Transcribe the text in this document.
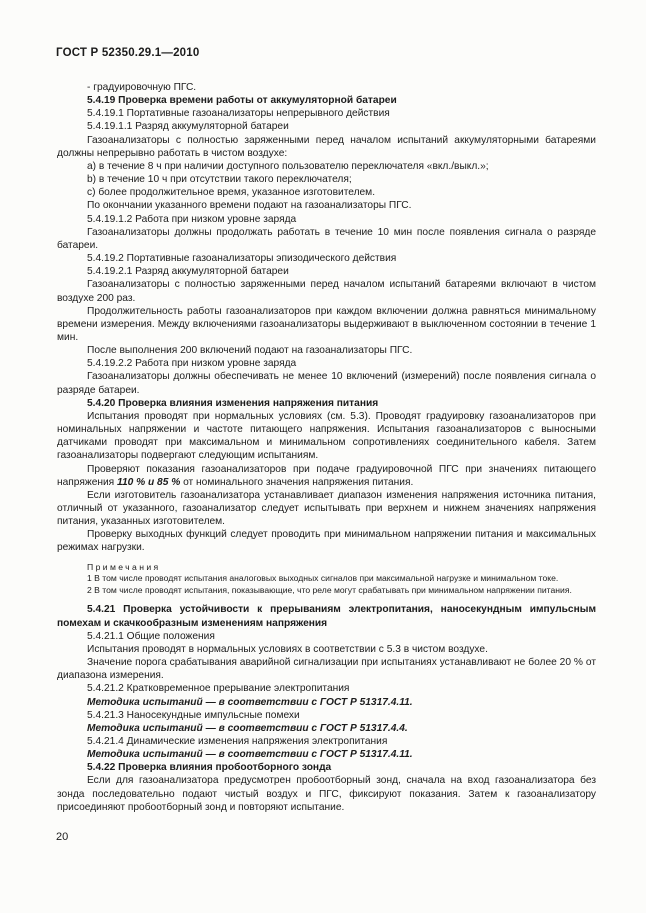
ГОСТ Р 52350.29.1—2010

- градуировочную ПГС.

5.4.19 Проверка времени работы от аккумуляторной батареи

5.4.19.1 Портативные газоанализаторы непрерывного действия

5.4.19.1.1 Разряд аккумуляторной батареи

Газоанализаторы с полностью заряженными перед началом испытаний аккумуляторными батареями должны непрерывно работать в чистом воздухе:

а) в течение 8 ч при наличии доступного пользователю переключателя «вкл./выкл.»;

b) в течение 10 ч при отсутствии такого переключателя;

с) более продолжительное время, указанное изготовителем.

По окончании указанного времени подают на газоанализаторы ПГС.

5.4.19.1.2 Работа при низком уровне заряда

Газоанализаторы должны продолжать работать в течение 10 мин после появления сигнала о разряде батареи.

5.4.19.2 Портативные газоанализаторы эпизодического действия

5.4.19.2.1 Разряд аккумуляторной батареи

Газоанализаторы с полностью заряженными перед началом испытаний батареями включают в чистом воздухе 200 раз.

Продолжительность работы газоанализаторов при каждом включении должна равняться минимальному времени измерения. Между включениями газоанализаторы выдерживают в выключенном состоянии в течение 1 мин.

После выполнения 200 включений подают на газоанализаторы ПГС.

5.4.19.2.2 Работа при низком уровне заряда

Газоанализаторы должны обеспечивать не менее 10 включений (измерений) после появления сигнала о разряде батареи.

5.4.20 Проверка влияния изменения напряжения питания

Испытания проводят при нормальных условиях (см. 5.3). Проводят градуировку газоанализаторов при номинальных напряжении и частоте питающего напряжения. Испытания газоанализаторов с выносными датчиками проводят при максимальном и минимальном сопротивлениях соединительного кабеля. Затем газоанализаторы подвергают следующим испытаниям.

Проверяют показания газоанализаторов при подаче градуировочной ПГС при значениях питающего напряжения 110 % и 85 % от номинального значения напряжения питания.

Если изготовитель газоанализатора устанавливает диапазон изменения напряжения источника питания, отличный от указанного, газоанализатор следует испытывать при верхнем и нижнем значениях напряжения питания, указанных изготовителем.

Проверку выходных функций следует проводить при минимальном напряжении питания и максимальных режимах нагрузки.

Примечания

1 В том числе проводят испытания аналоговых выходных сигналов при максимальной нагрузке и минимальном токе.

2 В том числе проводят испытания, показывающие, что реле могут срабатывать при минимальном напряжении питания.

5.4.21 Проверка устойчивости к прерываниям электропитания, наносекундным импульсным помехам и скачкообразным изменениям напряжения

5.4.21.1 Общие положения

Испытания проводят в нормальных условиях в соответствии с 5.3 в чистом воздухе.

Значение порога срабатывания аварийной сигнализации при испытаниях устанавливают не более 20 % от диапазона измерения.

5.4.21.2 Кратковременное прерывание электропитания

Методика испытаний — в соответствии с ГОСТ Р 51317.4.11.

5.4.21.3 Наносекундные импульсные помехи

Методика испытаний — в соответствии с ГОСТ Р 51317.4.4.

5.4.21.4 Динамические изменения напряжения электропитания

Методика испытаний — в соответствии с ГОСТ Р 51317.4.11.

5.4.22 Проверка влияния пробоотборного зонда

Если для газоанализатора предусмотрен пробоотборный зонд, сначала на вход газоанализатора без зонда последовательно подают чистый воздух и ПГС, фиксируют показания. Затем к газоанализатору присоединяют пробоотборный зонд и повторяют испытание.

20
